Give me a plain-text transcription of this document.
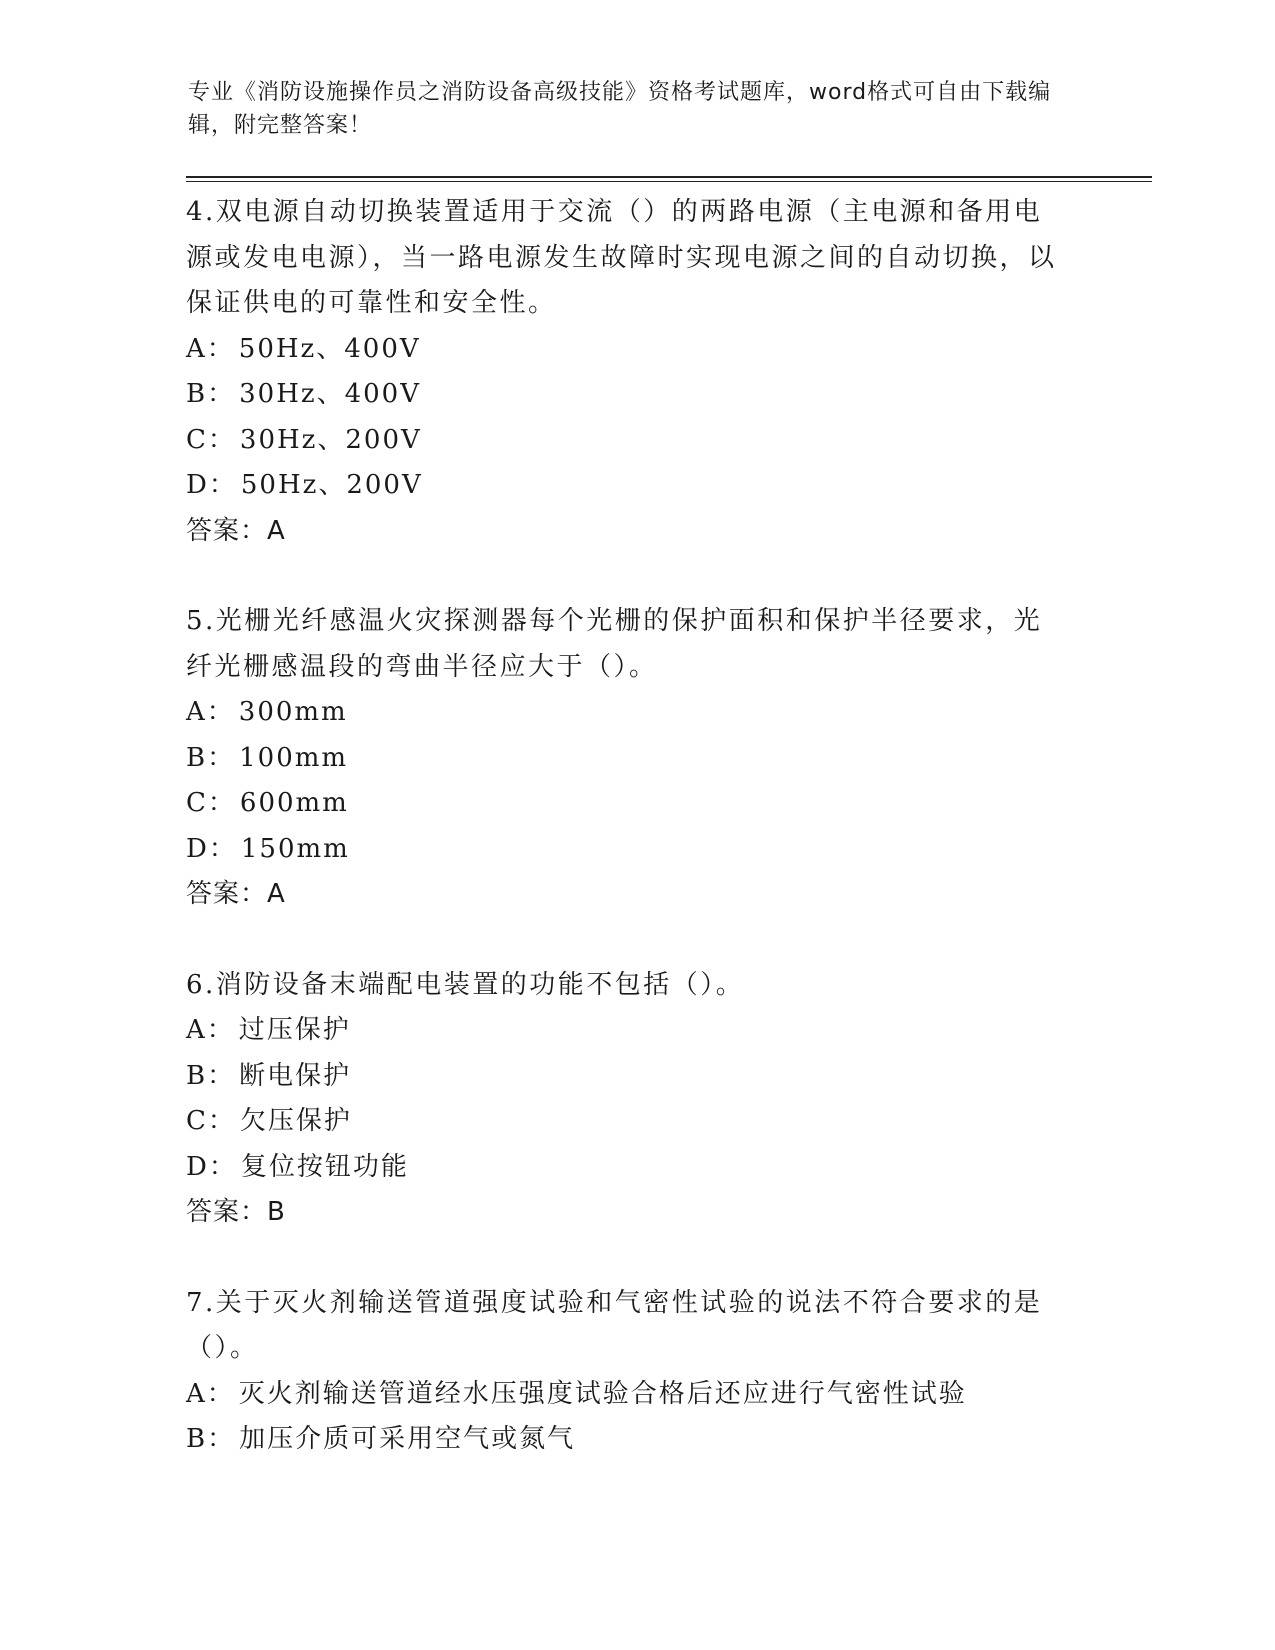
专业《消防设施操作员之消防设备高级技能》资格考试题库，word格式可自由下载编辑，附完整答案！

4.双电源自动切换装置适用于交流（）的两路电源（主电源和备用电源或发电电源），当一路电源发生故障时实现电源之间的自动切换，以保证供电的可靠性和安全性。

A： 50Hz、400V

B： 30Hz、400V

C： 30Hz、200V

D： 50Hz、200V

答案：A

5.光栅光纤感温火灾探测器每个光栅的保护面积和保护半径要求，光纤光栅感温段的弯曲半径应大于（）。

A： 300mm

B： 100mm

C： 600mm

D： 150mm

答案：A

6.消防设备末端配电装置的功能不包括（）。

A： 过压保护

B： 断电保护

C： 欠压保护

D： 复位按钮功能

答案：B

7.关于灭火剂输送管道强度试验和气密性试验的说法不符合要求的是（）。

A： 灭火剂输送管道经水压强度试验合格后还应进行气密性试验

B： 加压介质可采用空气或氮气
